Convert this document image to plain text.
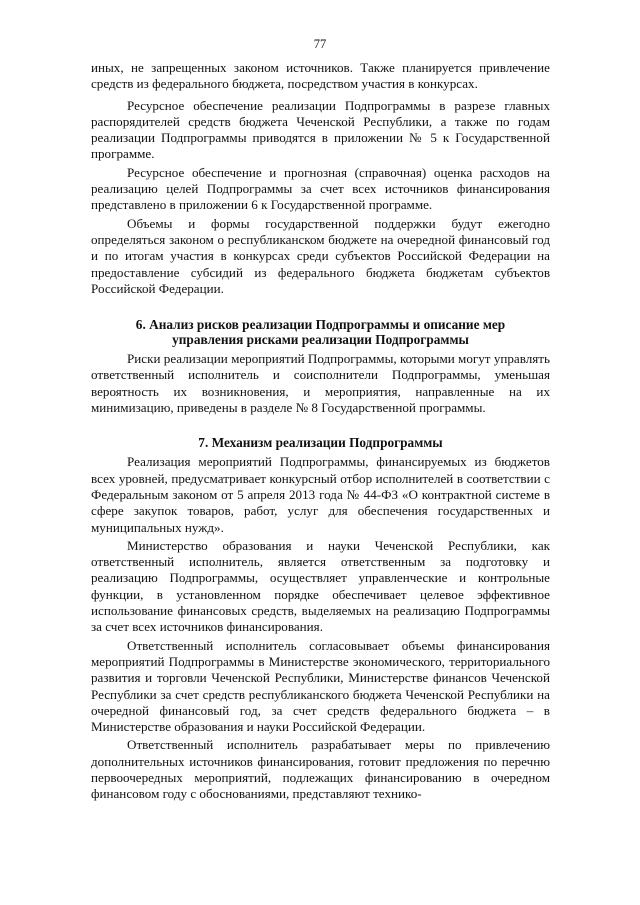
77

иных, не запрещенных законом источников. Также планируется привлечение средств из федерального бюджета, посредством участия в конкурсах.

Ресурсное обеспечение реализации Подпрограммы в разрезе главных распорядителей средств бюджета Чеченской Республики, а также по годам реализации Подпрограммы приводятся в приложении № 5 к Государственной программе.

Ресурсное обеспечение и прогнозная (справочная) оценка расходов на реализацию целей Подпрограммы за счет всех источников финансирования представлено в приложении 6 к Государственной программе.

Объемы и формы государственной поддержки будут ежегодно определяться законом о республиканском бюджете на очередной финансовый год и по итогам участия в конкурсах среди субъектов Российской Федерации на предоставление субсидий из федерального бюджета бюджетам субъектов Российской Федерации.

6. Анализ рисков реализации Подпрограммы и описание мер
управления рисками реализации Подпрограммы

Риски реализации мероприятий Подпрограммы, которыми могут управлять ответственный исполнитель и соисполнители Подпрограммы, уменьшая вероятность их возникновения, и мероприятия, направленные на их минимизацию, приведены в разделе № 8 Государственной программы.

7. Механизм реализации Подпрограммы

Реализация мероприятий Подпрограммы, финансируемых из бюджетов всех уровней, предусматривает конкурсный отбор исполнителей в соответствии с Федеральным законом от 5 апреля 2013 года № 44-ФЗ «О контрактной системе в сфере закупок товаров, работ, услуг для обеспечения государственных и муниципальных нужд».

Министерство образования и науки Чеченской Республики, как ответственный исполнитель, является ответственным за подготовку и реализацию Подпрограммы, осуществляет управленческие и контрольные функции, в установленном порядке обеспечивает целевое эффективное использование финансовых средств, выделяемых на реализацию Подпрограммы за счет всех источников финансирования.

Ответственный исполнитель согласовывает объемы финансирования мероприятий Подпрограммы в Министерстве экономического, территориального развития и торговли Чеченской Республики, Министерстве финансов Чеченской Республики за счет средств республиканского бюджета Чеченской Республики на очередной финансовый год, за счет средств федерального бюджета – в Министерстве образования и науки Российской Федерации.

Ответственный исполнитель разрабатывает меры по привлечению дополнительных источников финансирования, готовит предложения по перечню первоочередных мероприятий, подлежащих финансированию в очередном финансовом году с обоснованиями, представляют технико-
